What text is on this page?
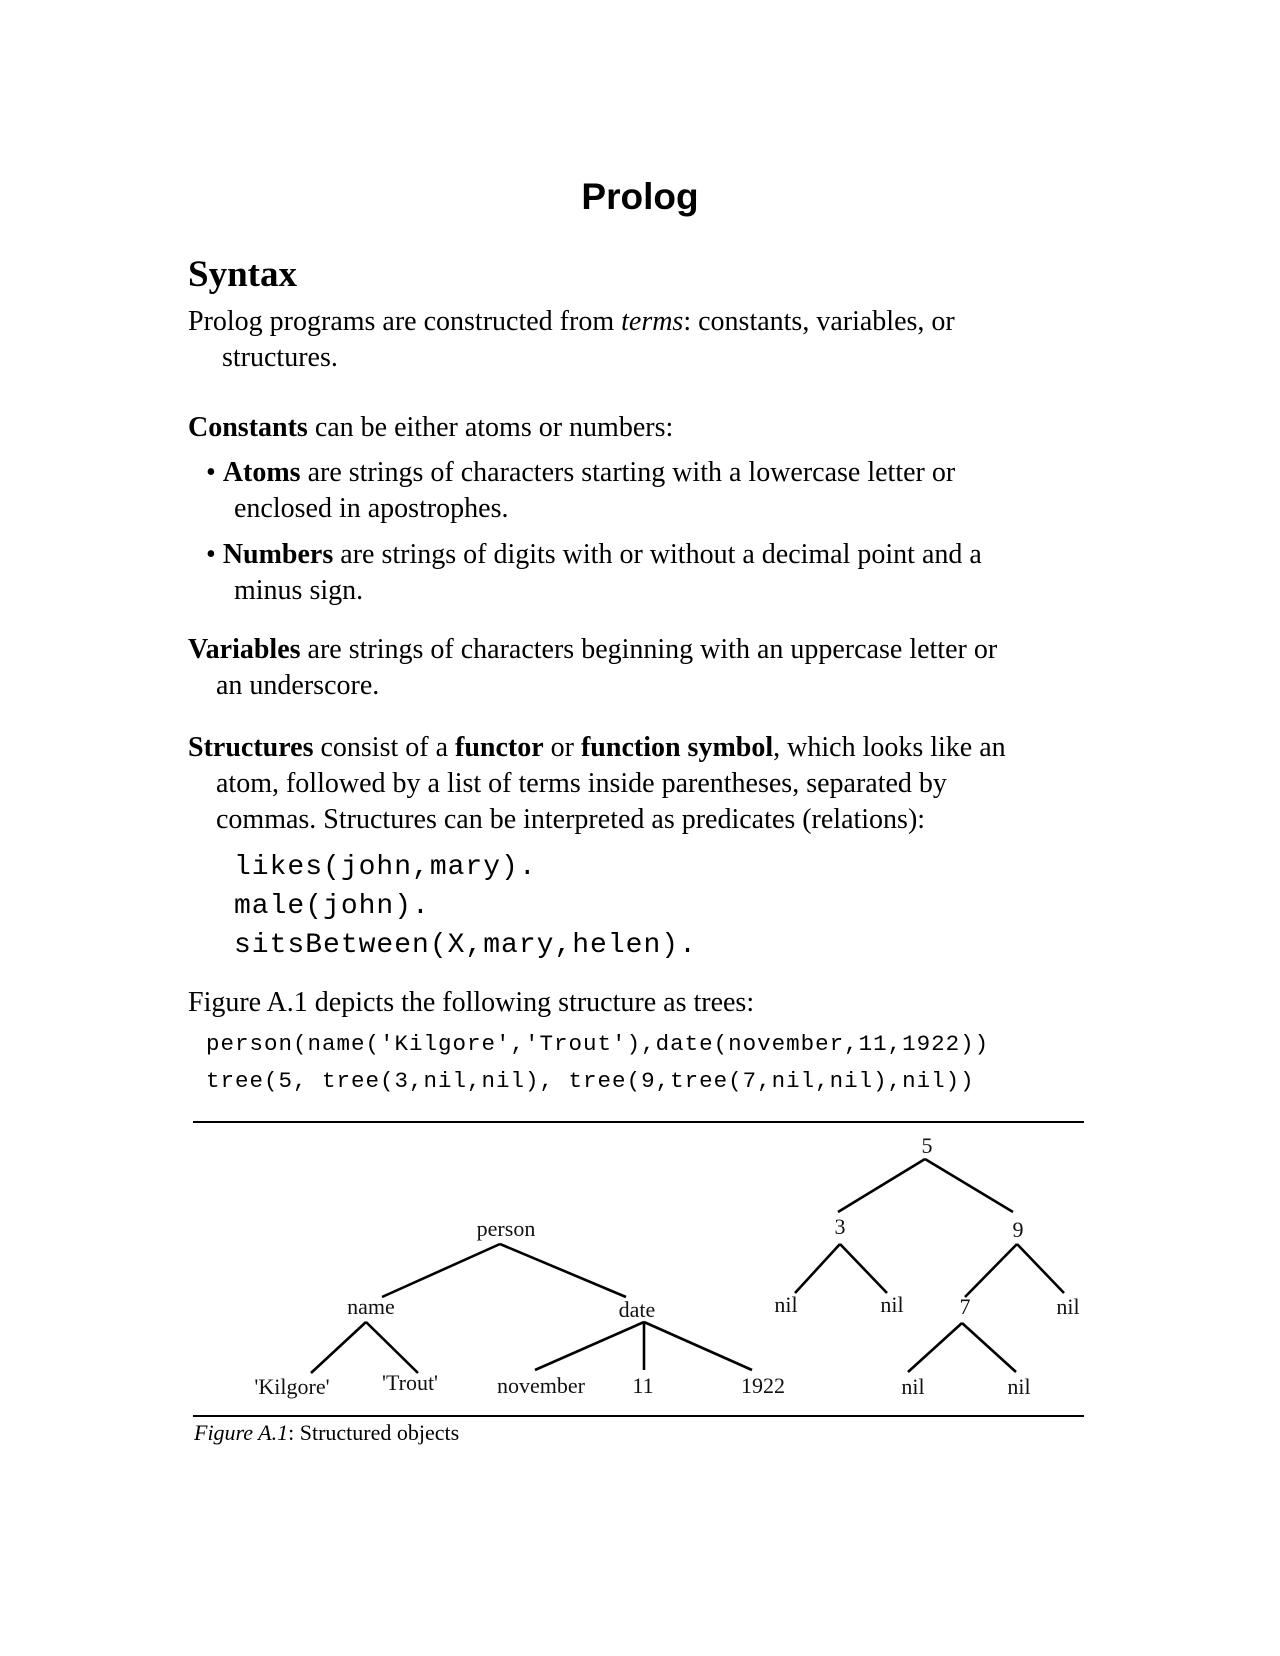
Prolog
Syntax
Prolog programs are constructed from terms: constants, variables, or
structures.
Constants can be either atoms or numbers:
• Atoms are strings of characters starting with a lowercase letter or
enclosed in apostrophes.
• Numbers are strings of digits with or without a decimal point and a
minus sign.
Variables are strings of characters beginning with an uppercase letter or
an underscore.
Structures consist of a functor or function symbol, which looks like an
atom, followed by a list of terms inside parentheses, separated by
commas. Structures can be interpreted as predicates (relations):
likes(john,mary).
male(john).
sitsBetween(X,mary,helen).
Figure A.1 depicts the following structure as trees:
person(name('Kilgore','Trout'),date(november,11,1922))
tree(5, tree(3,nil,nil), tree(9,tree(7,nil,nil),nil))
person
name	date
'Kilgore' 'Trout'	november 11	1922
5
3	9
nil	nil	7	nil
nil	nil
Figure A.1: Structured objects
